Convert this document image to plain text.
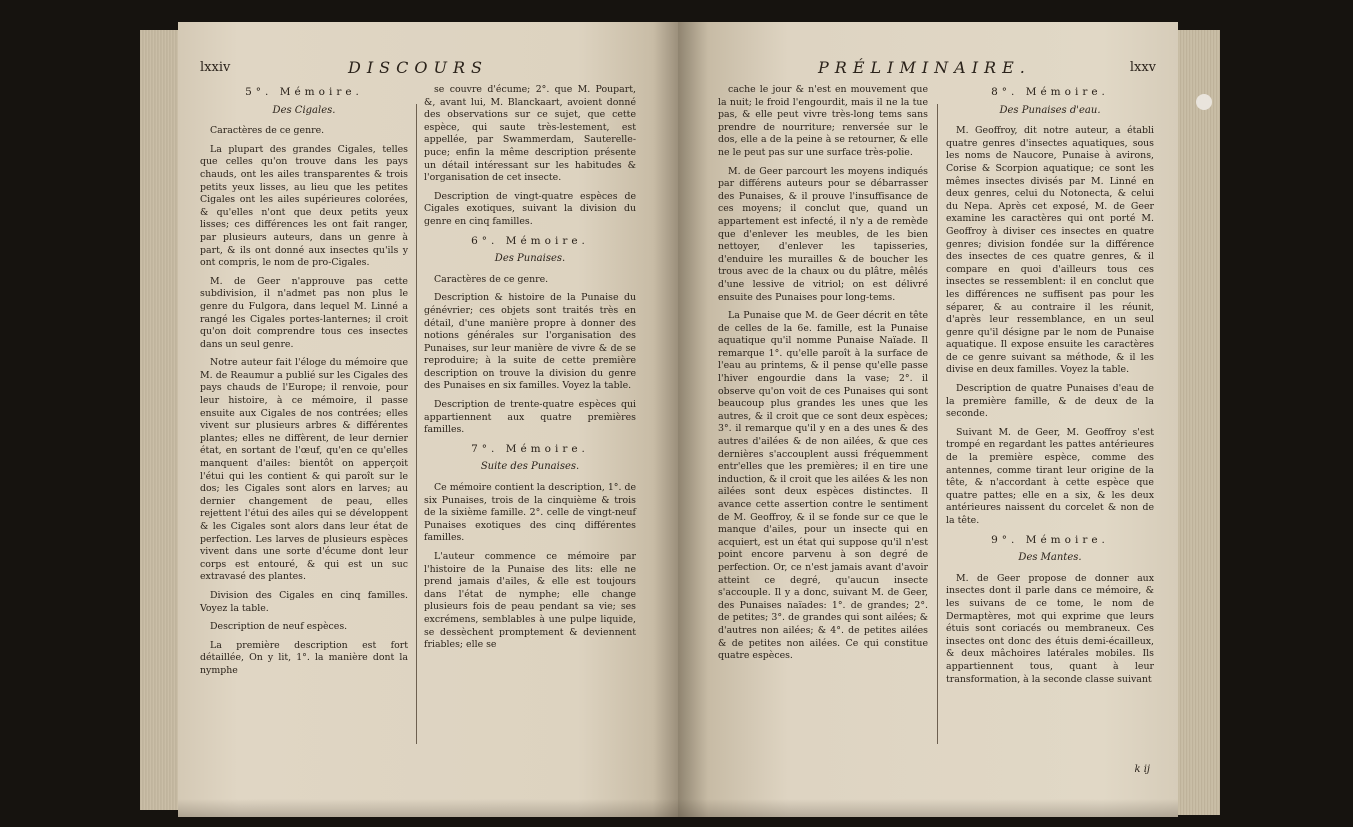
lxxiv	DISCOURS
5°. Mémoire.
Des Cigales.

Caractères de ce genre.

La plupart des grandes Cigales, telles que celles qu'on trouve dans les pays chauds, ont les ailes transparentes & trois petits yeux lisses, au lieu que les petites Cigales ont les ailes supérieures colorées, & qu'elles n'ont que deux petits yeux lisses; ces différences les ont fait ranger, par plusieurs auteurs, dans un genre à part, & ils ont donné aux insectes qu'ils y ont compris, le nom de pro-Cigales.

M. de Geer n'approuve pas cette subdivision, il n'admet pas non plus le genre du Fulgora, dans lequel M. Linné a rangé les Cigales portes-lanternes; il croit qu'on doit comprendre tous ces insectes dans un seul genre.

Notre auteur fait l'éloge du mémoire que M. de Reaumur a publié sur les Cigales des pays chauds de l'Europe; il renvoie, pour leur histoire, à ce mémoire, il passe ensuite aux Cigales de nos contrées; elles vivent sur plusieurs arbres & différentes plantes; elles ne diffèrent, de leur dernier état, en sortant de l'œuf, qu'en ce qu'elles manquent d'ailes: bientôt on apperçoit l'étui qui les contient & qui paroît sur le dos; les Cigales sont alors en larves; au dernier changement de peau, elles rejettent l'étui des ailes qui se développent & les Cigales sont alors dans leur état de perfection. Les larves de plusieurs espèces vivent dans une sorte d'écume dont leur corps est entouré, & qui est un suc extravasé des plantes.

Division des Cigales en cinq familles. Voyez la table.

Description de neuf espèces.

La première description est fort détaillée, On y lit, 1°. la manière dont la nymphe

se couvre d'écume; 2°. que M. Poupart, &, avant lui, M. Blanckaart, avoient donné des observations sur ce sujet, que cette espèce, qui saute très-lestement, est appellée, par Swammerdam, Sauterelle-puce; enfin la même description présente un détail intéressant sur les habitudes & l'organisation de cet insecte.

Description de vingt-quatre espèces de Cigales exotiques, suivant la division du genre en cinq familles.

6°. Mémoire.
Des Punaises.

Caractères de ce genre.

Description & histoire de la Punaise du génévrier; ces objets sont traités très en détail, d'une manière propre à donner des notions générales sur l'organisation des Punaises, sur leur manière de vivre & de se reproduire; à la suite de cette première description on trouve la division du genre des Punaises en six familles. Voyez la table.

Description de trente-quatre espèces qui appartiennent aux quatre premières familles.

7°. Mémoire.
Suite des Punaises.

Ce mémoire contient la description, 1°. de six Punaises, trois de la cinquième & trois de la sixième famille. 2°. celle de vingt-neuf Punaises exotiques des cinq différentes familles.

L'auteur commence ce mémoire par l'histoire de la Punaise des lits: elle ne prend jamais d'ailes, & elle est toujours dans l'état de nymphe; elle change plusieurs fois de peau pendant sa vie; ses excrémens, semblables à une pulpe liquide, se dessèchent promptement & deviennent friables; elle se

PRÉLIMINAIRE.	lxxv

cache le jour & n'est en mouvement que la nuit; le froid l'engourdit, mais il ne la tue pas, & elle peut vivre très-long tems sans prendre de nourriture; renversée sur le dos, elle a de la peine à se retourner, & elle ne le peut pas sur une surface très-polie.

M. de Geer parcourt les moyens indiqués par différens auteurs pour se débarrasser des Punaises, & il prouve l'insuffisance de ces moyens; il conclut que, quand un appartement est infecté, il n'y a de remède que d'enlever les meubles, de les bien nettoyer, d'enlever les tapisseries, d'enduire les murailles & de boucher les trous avec de la chaux ou du plâtre, mêlés d'une lessive de vitriol; on est délivré ensuite des Punaises pour long-tems.

La Punaise que M. de Geer décrit en tête de celles de la 6e. famille, est la Punaise aquatique qu'il nomme Punaise Naïade. Il remarque 1°. qu'elle paroît à la surface de l'eau au printems, & il pense qu'elle passe l'hiver engourdie dans la vase; 2°. il observe qu'on voit de ces Punaises qui sont beaucoup plus grandes les unes que les autres, & il croit que ce sont deux espèces; 3°. il remarque qu'il y en a des unes & des autres d'ailées & de non ailées, & que ces dernières s'accouplent aussi fréquemment entr'elles que les premières; il en tire une induction, & il croit que les ailées & les non ailées sont deux espèces distinctes. Il avance cette assertion contre le sentiment de M. Geoffroy, & il se fonde sur ce que le manque d'ailes, pour un insecte qui en acquiert, est un état qui suppose qu'il n'est point encore parvenu à son degré de perfection. Or, ce n'est jamais avant d'avoir atteint ce degré, qu'aucun insecte s'accouple. Il y a donc, suivant M. de Geer, des Punaises naïades: 1°. de grandes; 2°. de petites; 3°. de grandes qui sont ailées; & d'autres non ailées; & 4°. de petites ailées & de petites non ailées. Ce qui constitue quatre espèces.

8°. Mémoire.
Des Punaises d'eau.

M. Geoffroy, dit notre auteur, a établi quatre genres d'insectes aquatiques, sous les noms de Naucore, Punaise à avirons, Corise & Scorpion aquatique; ce sont les mêmes insectes divisés par M. Linné en deux genres, celui du Notonecta, & celui du Nepa. Après cet exposé, M. de Geer examine les caractères qui ont porté M. Geoffroy à diviser ces insectes en quatre genres; division fondée sur la différence des insectes de ces quatre genres, & il compare en quoi d'ailleurs tous ces insectes se ressemblent: il en conclut que les différences ne suffisent pas pour les séparer, & au contraire il les réunit, d'après leur ressemblance, en un seul genre qu'il désigne par le nom de Punaise aquatique. Il expose ensuite les caractères de ce genre suivant sa méthode, & il les divise en deux familles. Voyez la table.

Description de quatre Punaises d'eau de la première famille, & de deux de la seconde.

Suivant M. de Geer, M. Geoffroy s'est trompé en regardant les pattes antérieures de la première espèce, comme des antennes, comme tirant leur origine de la tête, & n'accordant à cette espèce que quatre pattes; elle en a six, & les deux antérieures naissent du corcelet & non de la tête.

9°. Mémoire.
Des Mantes.

M. de Geer propose de donner aux insectes dont il parle dans ce mémoire, & les suivans de ce tome, le nom de Dermaptères, mot qui exprime que leurs étuis sont coriacés ou membraneux. Ces insectes ont donc des étuis demi-écailleux, & deux mâchoires latérales mobiles. Ils appartiennent tous, quant à leur transformation, à la seconde classe suivant

k ij
